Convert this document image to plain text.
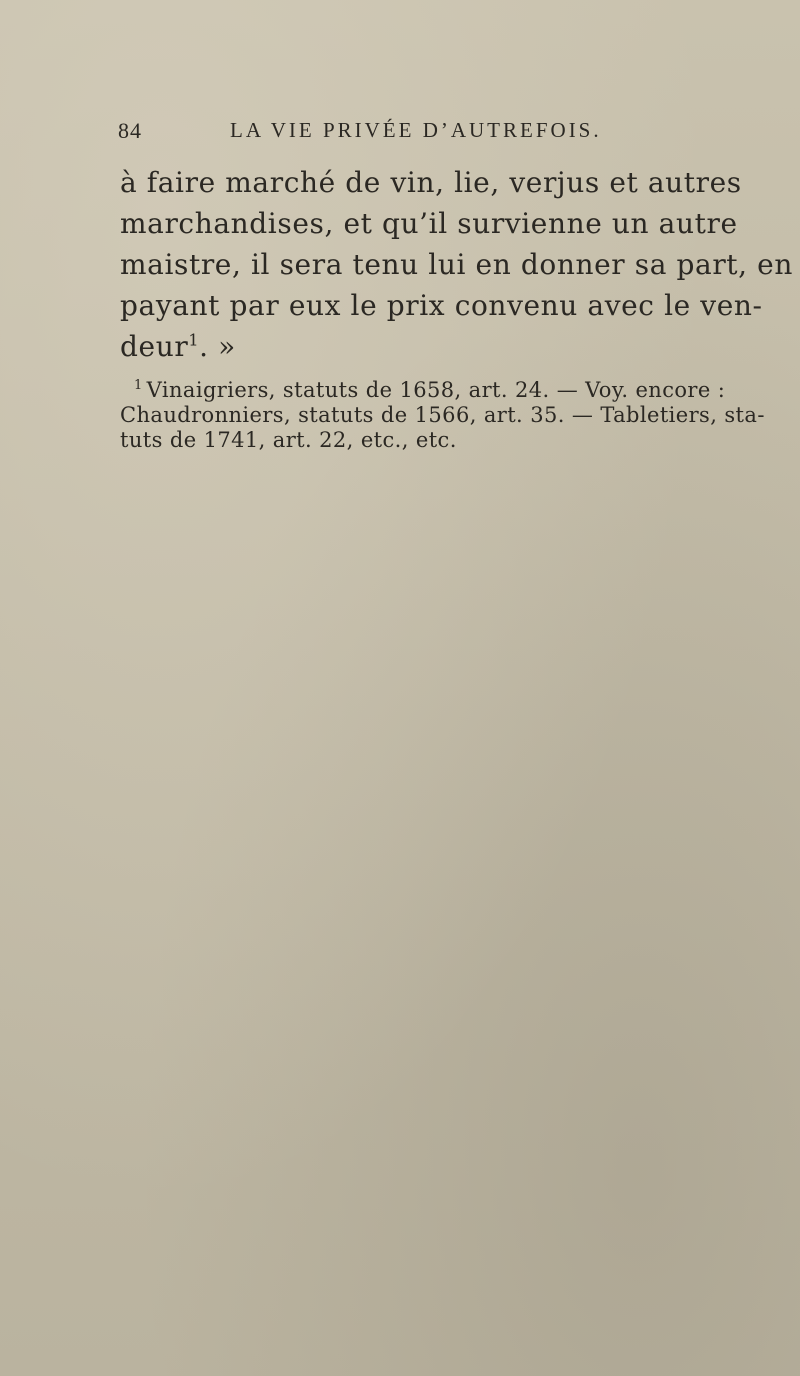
84	LA VIE PRIVÉE D’AUTREFOIS.
à faire marché de vin, lie, verjus et autres
marchandises, et qu’il survienne un autre
maistre, il sera tenu lui en donner sa part, en
payant par eux le prix convenu avec le ven-
deur$^1$. »
$^1$ Vinaigriers, statuts de 1658, art. 24. — Voy. encore :
Chaudronniers, statuts de 1566, art. 35. — Tabletiers, sta-
tuts de 1741, art. 22, etc., etc.
